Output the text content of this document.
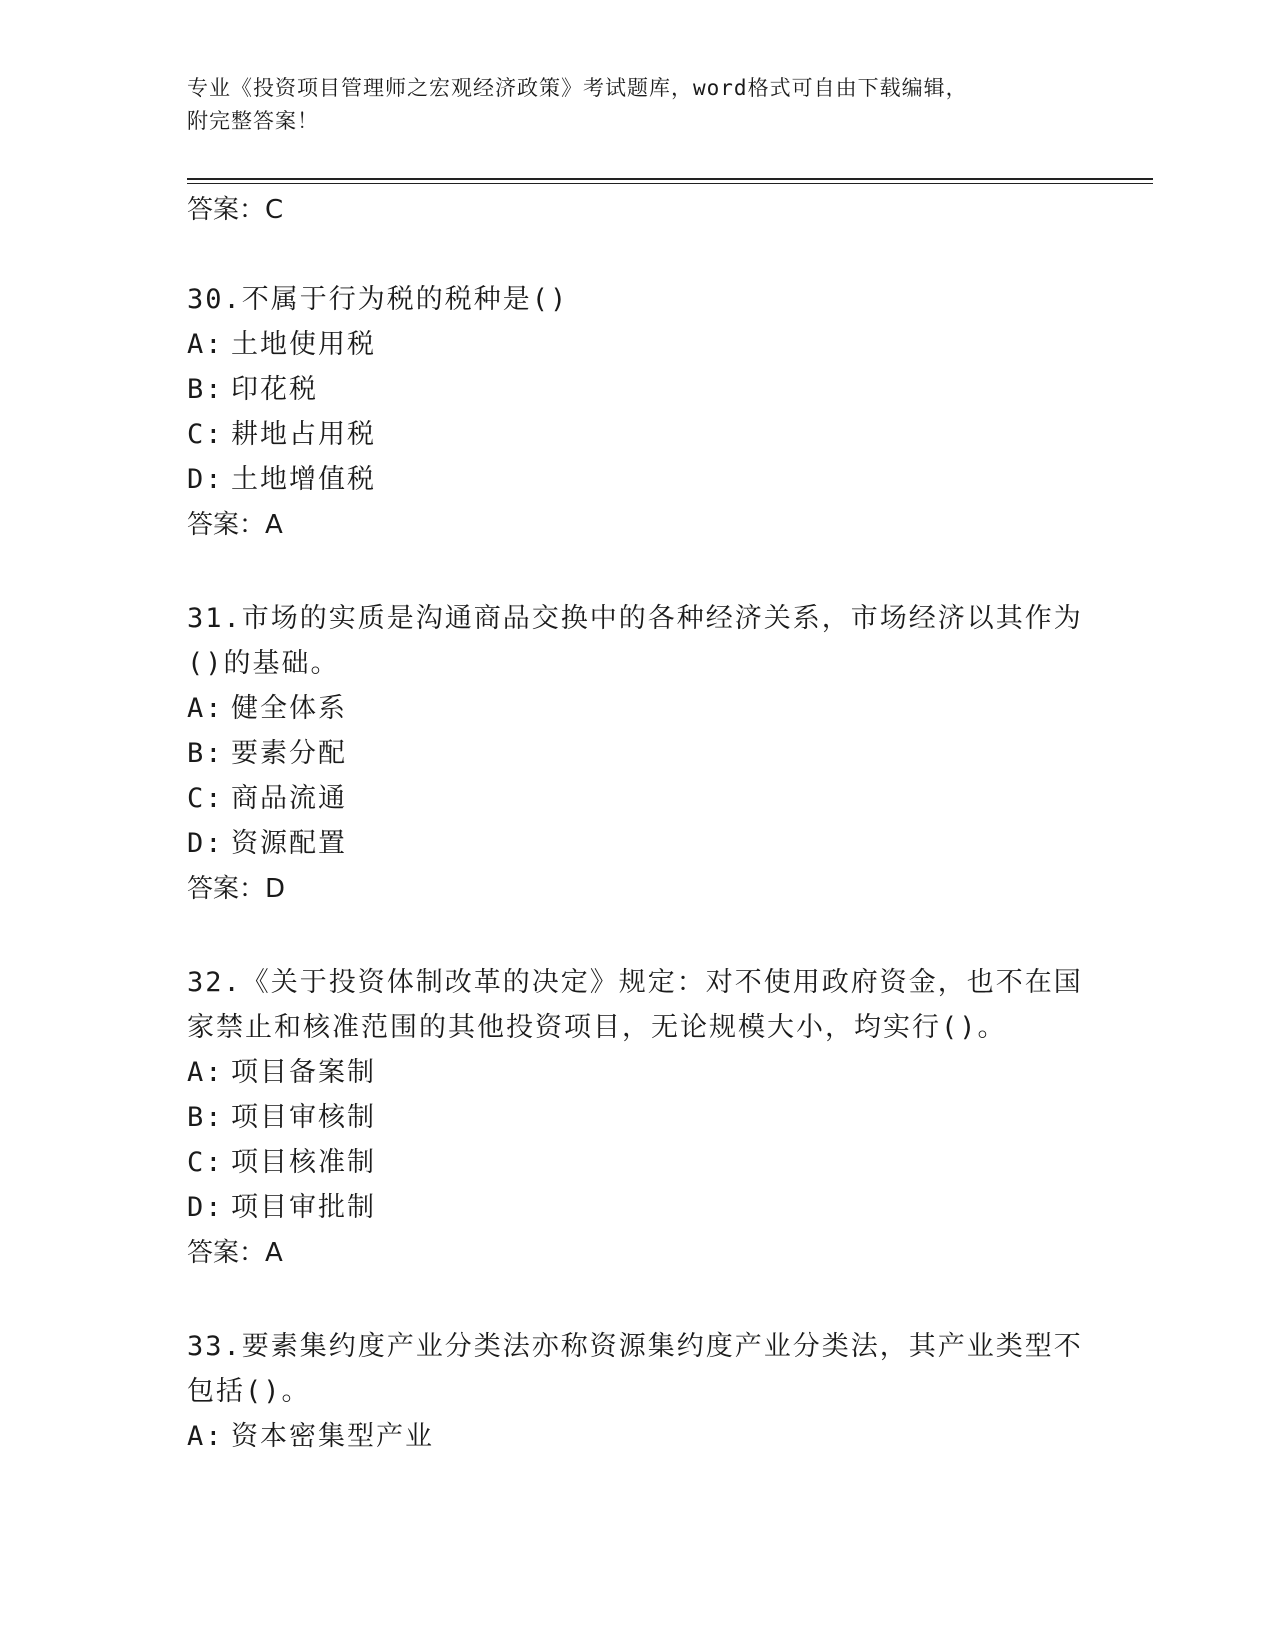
专业《投资项目管理师之宏观经济政策》考试题库，word格式可自由下载编辑，
附完整答案！
答案：C
30.不属于行为税的税种是()
A: 土地使用税
B: 印花税
C: 耕地占用税
D: 土地增值税
答案：A
31.市场的实质是沟通商品交换中的各种经济关系，市场经济以其作为
()的基础。
A: 健全体系
B: 要素分配
C: 商品流通
D: 资源配置
答案：D
32.《关于投资体制改革的决定》规定：对不使用政府资金，也不在国
家禁止和核准范围的其他投资项目，无论规模大小，均实行()。
A: 项目备案制
B: 项目审核制
C: 项目核准制
D: 项目审批制
答案：A
33.要素集约度产业分类法亦称资源集约度产业分类法，其产业类型不
包括()。
A: 资本密集型产业
